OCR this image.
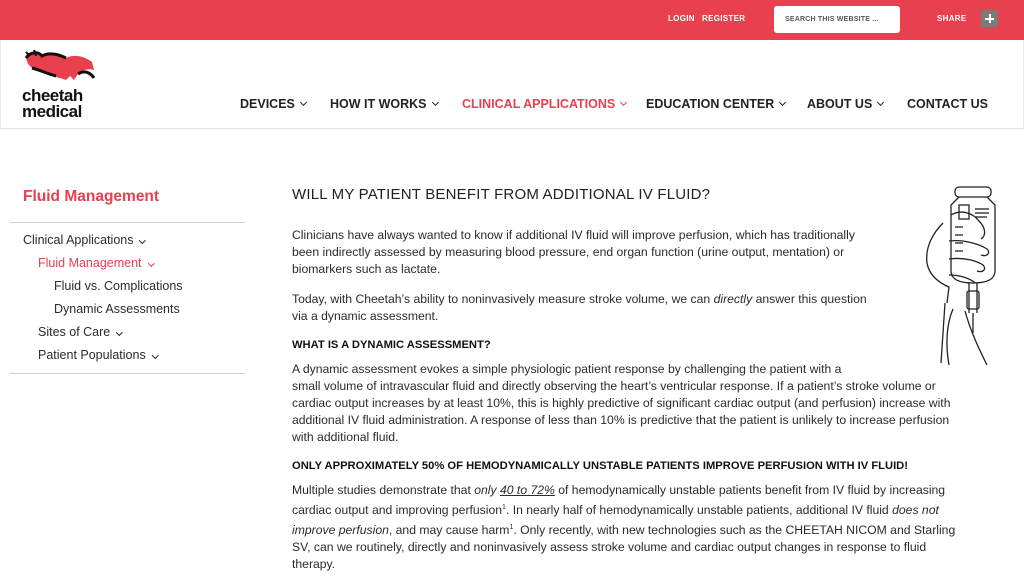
LOGIN REGISTER
SEARCH THIS WEBSITE ...	SHARE
cheetah
medical	DEVICES	HOW IT WORKS	CLINICAL APPLICATIONS	EDUCATION CENTER	ABOUT US	CONTACT US
Fluid Management
Clinical Applications
Fluid Management
Fluid vs. Complications
Dynamic Assessments
Sites of Care
Patient Populations
WILL MY PATIENT BENEFIT FROM ADDITIONAL IV FLUID?
Clinicians have always wanted to know if additional IV fluid will improve perfusion, which has traditionally
been indirectly assessed by measuring blood pressure, end organ function (urine output, mentation) or
biomarkers such as lactate.
Today, with Cheetah’s ability to noninvasively measure stroke volume, we can directly answer this question
via a dynamic assessment.
WHAT IS A DYNAMIC ASSESSMENT?
A dynamic assessment evokes a simple physiologic patient response by challenging the patient with a
small volume of intravascular fluid and directly observing the heart’s ventricular response. If a patient’s stroke volume or
cardiac output increases by at least 10%, this is highly predictive of significant cardiac output (and perfusion) increase with
additional IV fluid administration. A response of less than 10% is predictive that the patient is unlikely to increase perfusion
with additional fluid.
ONLY APPROXIMATELY 50% OF HEMODYNAMICALLY UNSTABLE PATIENTS IMPROVE PERFUSION WITH IV FLUID!
Multiple studies demonstrate that only 40 to 72% of hemodynamically unstable patients benefit from IV fluid by increasing
cardiac output and improving perfusion$^1$. In nearly half of hemodynamically unstable patients, additional IV fluid does not
improve perfusion, and may cause harm$^1$. Only recently, with new technologies such as the CHEETAH NICOM and Starling
SV, can we routinely, directly and noninvasively assess stroke volume and cardiac output changes in response to fluid
therapy.
